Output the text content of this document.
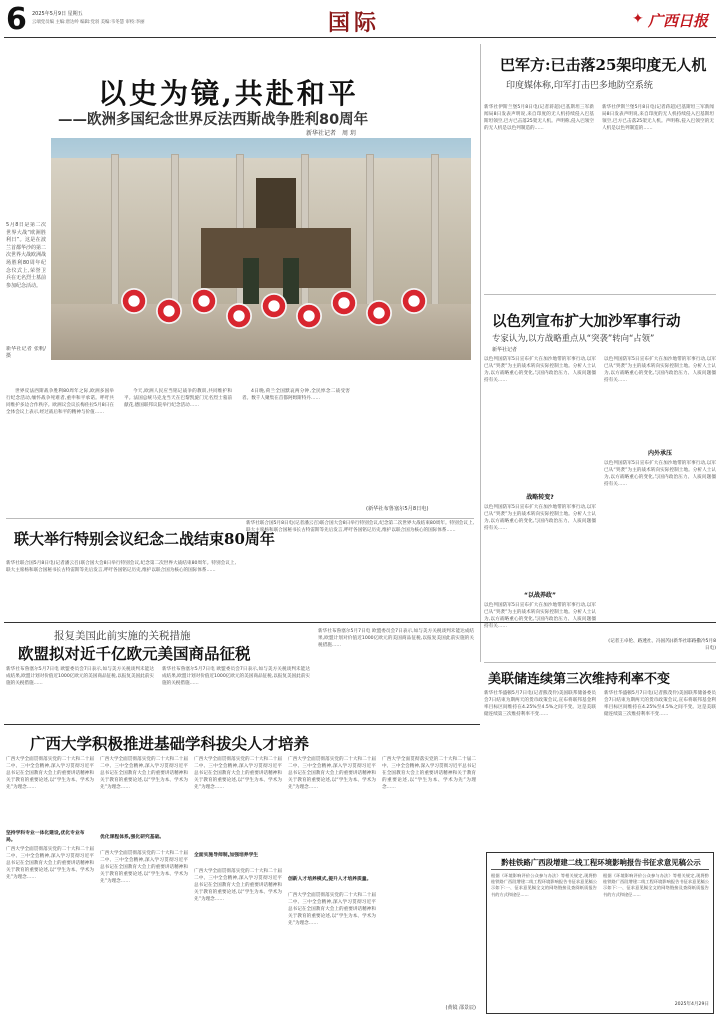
6 2025年5月9日 星期五
云端党员编 主编:唐达岭 编辑:党羽 美编:韦冬慧 审校:李丽	国际	✦ 广西日报
以史为镜,共赴和平
——欧洲多国纪念世界反法西斯战争胜利80周年
新华社记者　周 玥
5月8日是第二次世界大战“欧洲胜利日”。这是在波兰首都华沙的第二次世界大战欧洲战场胜利80周年纪念仪式上,荣誉卫兵在无名烈士墓前参加纪念活动。
新华社记者 张帆/摄

世界反法西斯战争胜利80周年之际,欧洲多国举行纪念活动,缅怀战争死难者,重申和平承诺。呼吁共同维护多边合作秩序。欧洲议会议长梅佐拉5月8日在全体会议上表示,经过战后和平的精神与价值……

今天,欧洲人民应当铭记战争的教训,共同维护和平。法国总统马克龙当天在巴黎凯旋门无名烈士墓前献花,德国联邦议院举行纪念活动……

4日晚,荷兰全国默哀两分钟,全民悼念二战受害者。数千人聚集在首都阿姆斯特丹……

(新华社布鲁塞尔5月8日电)
联大举行特别会议纪念二战结束80周年
新华社联合国5月8日电(记者潘云召)联合国大会8日举行特别会议,纪念第二次世界大战结束80周年。特别会议上,联大主席杨和联合国秘书长古特雷斯等先后发言,呼吁各国铭记历史,维护以联合国为核心的国际体系……
新华社联合国5月8日电(记者潘云召)联合国大会8日举行特别会议,纪念第二次世界大战结束80周年。特别会议上,联大主席杨和联合国秘书长古特雷斯等先后发言,呼吁各国铭记历史,维护以联合国为核心的国际体系……
巴军方:已击落25架印度无人机
印度媒体称,印军打击巴多地防空系统
新华社伊斯兰堡5月8日电(记者蒋超)巴基斯坦三军新闻局8日发表声明说,来自印度的无人机持续侵入巴基斯坦领空,巴方已击落25架无人机。声明称,侵入巴领空的无人机是以色列制造的……
新华社伊斯兰堡5月8日电(记者蒋超)巴基斯坦三军新闻局8日发表声明说,来自印度的无人机持续侵入巴基斯坦领空,巴方已击落25架无人机。声明称,侵入巴领空的无人机是以色列制造的……
以色列宣布扩大加沙军事行动
专家认为,以方战略重点从“突袭”转向“占领”
新华社记者
以色列国防军5日宣布扩大在加沙地带的军事行动,以军已从“突袭”为主的战术转向实际控制土地。分析人士认为,以方战略重心的变化,与国内政治压力、人质问题僵持有关……
战略转变?
以色列国防军5日宣布扩大在加沙地带的军事行动,以军已从“突袭”为主的战术转向实际控制土地。分析人士认为,以方战略重心的变化,与国内政治压力、人质问题僵持有关……
“以战养政”
以色列国防军5日宣布扩大在加沙地带的军事行动,以军已从“突袭”为主的战术转向实际控制土地。分析人士认为,以方战略重心的变化,与国内政治压力、人质问题僵持有关……
以色列国防军5日宣布扩大在加沙地带的军事行动,以军已从“突袭”为主的战术转向实际控制土地。分析人士认为,以方战略重心的变化,与国内政治压力、人质问题僵持有关……
内外承压
以色列国防军5日宣布扩大在加沙地带的军事行动,以军已从“突袭”为主的战术转向实际控制土地。分析人士认为,以方战略重心的变化,与国内政治压力、人质问题僵持有关……
(记者王卓伦、路透社、冯国芮)(新华社耶路撒冷5月8日电)
报复美国此前实施的关税措施
欧盟拟对近千亿欧元美国商品征税
新华社布鲁塞尔5月7日电 欧盟委员会7日表示,如与美方关税谈判未能达成结果,欧盟计划对价值近1000亿欧元的美国商品征税,以报复美国此前实施的关税措施……
新华社布鲁塞尔5月7日电 欧盟委员会7日表示,如与美方关税谈判未能达成结果,欧盟计划对价值近1000亿欧元的美国商品征税,以报复美国此前实施的关税措施……
新华社布鲁塞尔5月7日电 欧盟委员会7日表示,如与美方关税谈判未能达成结果,欧盟计划对价值近1000亿欧元的美国商品征税,以报复美国此前实施的关税措施……
美联储连续第三次维持利率不变
新华社华盛顿5月7日电(记者熊茂伶)美国联邦储备委员会7日结束为期两天的货币政策会议,宣布将联邦基金利率目标区间维持在4.25%至4.5%之间不变。这是美联储连续第三次维持利率不变……
新华社华盛顿5月7日电(记者熊茂伶)美国联邦储备委员会7日结束为期两天的货币政策会议,宣布将联邦基金利率目标区间维持在4.25%至4.5%之间不变。这是美联储连续第三次维持利率不变……
广西大学积极推进基础学科拔尖人才培养
广西大学全面贯彻落实党的二十大和二十届二中、三中全会精神,深入学习贯彻习近平总书记在全国教育大会上的重要讲话精神和关于教育的重要论述,以“学生为本、学术为先”为理念……
坚持学科专业一体化建设,优化专业布局。
广西大学全面贯彻落实党的二十大和二十届二中、三中全会精神,深入学习贯彻习近平总书记在全国教育大会上的重要讲话精神和关于教育的重要论述,以“学生为本、学术为先”为理念……
广西大学全面贯彻落实党的二十大和二十届二中、三中全会精神,深入学习贯彻习近平总书记在全国教育大会上的重要讲话精神和关于教育的重要论述,以“学生为本、学术为先”为理念……
优化课程体系,强化研究基础。
广西大学全面贯彻落实党的二十大和二十届二中、三中全会精神,深入学习贯彻习近平总书记在全国教育大会上的重要讲话精神和关于教育的重要论述,以“学生为本、学术为先”为理念……
广西大学全面贯彻落实党的二十大和二十届二中、三中全会精神,深入学习贯彻习近平总书记在全国教育大会上的重要讲话精神和关于教育的重要论述,以“学生为本、学术为先”为理念……
全面实施导师制,加强培养学生
广西大学全面贯彻落实党的二十大和二十届二中、三中全会精神,深入学习贯彻习近平总书记在全国教育大会上的重要讲话精神和关于教育的重要论述,以“学生为本、学术为先”为理念……
广西大学全面贯彻落实党的二十大和二十届二中、三中全会精神,深入学习贯彻习近平总书记在全国教育大会上的重要讲话精神和关于教育的重要论述,以“学生为本、学术为先”为理念……
创新人才培养模式,提升人才培养质量。
广西大学全面贯彻落实党的二十大和二十届二中、三中全会精神,深入学习贯彻习近平总书记在全国教育大会上的重要讲话精神和关于教育的重要论述,以“学生为本、学术为先”为理念……
广西大学全面贯彻落实党的二十大和二十届二中、三中全会精神,深入学习贯彻习近平总书记在全国教育大会上的重要讲话精神和关于教育的重要论述,以“学生为本、学术为先”为理念……
(黄镜 邵景辰)
黔桂铁路广西段增建二线工程环境影响报告书征求意见稿公示
根据《环境影响评价公众参与办法》等相关规定,现将黔桂铁路广西段增建二线工程环境影响报告书征求意见稿公示如下:一、征求意见稿全文的网络链接及查阅纸质报告书的方式和途径……
根据《环境影响评价公众参与办法》等相关规定,现将黔桂铁路广西段增建二线工程环境影响报告书征求意见稿公示如下:一、征求意见稿全文的网络链接及查阅纸质报告书的方式和途径……
2025年4月29日
